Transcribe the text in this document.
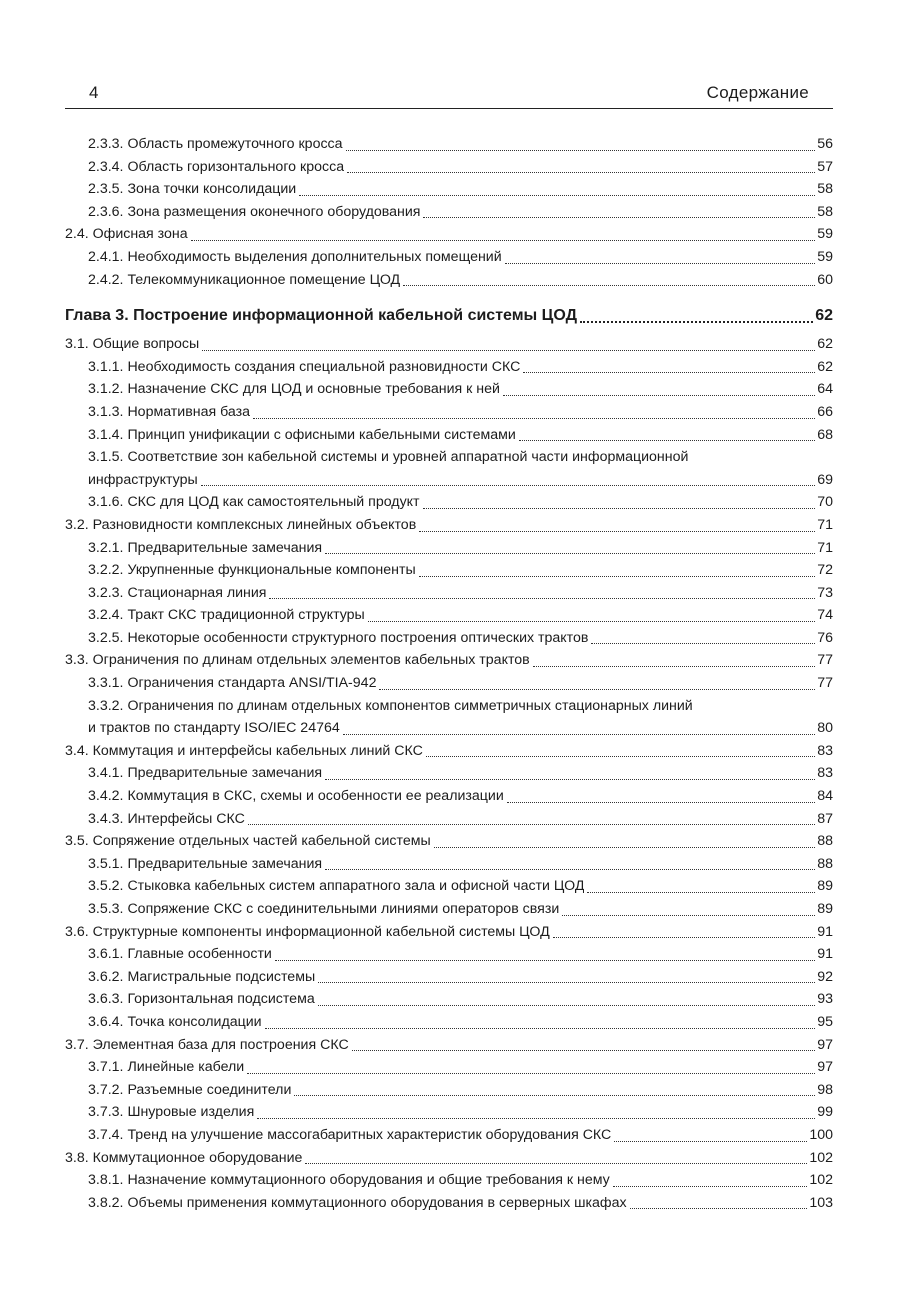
4	Содержание
2.3.3. Область промежуточного кросса	56
2.3.4. Область горизонтального кросса	57
2.3.5. Зона точки консолидации	58
2.3.6. Зона размещения оконечного оборудования	58
2.4. Офисная зона	59
2.4.1. Необходимость выделения дополнительных помещений	59
2.4.2. Телекоммуникационное помещение ЦОД	60
Глава 3. Построение информационной кабельной системы ЦОД	62
3.1. Общие вопросы	62
3.1.1. Необходимость создания специальной разновидности СКС	62
3.1.2. Назначение СКС для ЦОД и основные требования к ней	64
3.1.3. Нормативная база	66
3.1.4. Принцип унификации с офисными кабельными системами	68
3.1.5. Соответствие зон кабельной системы и уровней аппаратной части информационной
инфраструктуры	69
3.1.6. СКС для ЦОД как самостоятельный продукт	70
3.2. Разновидности комплексных линейных объектов	71
3.2.1. Предварительные замечания	71
3.2.2. Укрупненные функциональные компоненты	72
3.2.3. Стационарная линия	73
3.2.4. Тракт СКС традиционной структуры	74
3.2.5. Некоторые особенности структурного построения оптических трактов	76
3.3. Ограничения по длинам отдельных элементов кабельных трактов	77
3.3.1. Ограничения стандарта ANSI/TIA-942	77
3.3.2. Ограничения по длинам отдельных компонентов симметричных стационарных линий
и трактов по стандарту ISO/IEC 24764	80
3.4. Коммутация и интерфейсы кабельных линий СКС	83
3.4.1. Предварительные замечания	83
3.4.2. Коммутация в СКС, схемы и особенности ее реализации	84
3.4.3. Интерфейсы СКС	87
3.5. Сопряжение отдельных частей кабельной системы	88
3.5.1. Предварительные замечания	88
3.5.2. Стыковка кабельных систем аппаратного зала и офисной части ЦОД	89
3.5.3. Сопряжение СКС с соединительными линиями операторов связи	89
3.6. Структурные компоненты информационной кабельной системы ЦОД	91
3.6.1. Главные особенности	91
3.6.2. Магистральные подсистемы	92
3.6.3. Горизонтальная подсистема	93
3.6.4. Точка консолидации	95
3.7. Элементная база для построения СКС	97
3.7.1. Линейные кабели	97
3.7.2. Разъемные соединители	98
3.7.3. Шнуровые изделия	99
3.7.4. Тренд на улучшение массогабаритных характеристик оборудования СКС	100
3.8. Коммутационное оборудование	102
3.8.1. Назначение коммутационного оборудования и общие требования к нему	102
3.8.2. Объемы применения коммутационного оборудования в серверных шкафах	103
